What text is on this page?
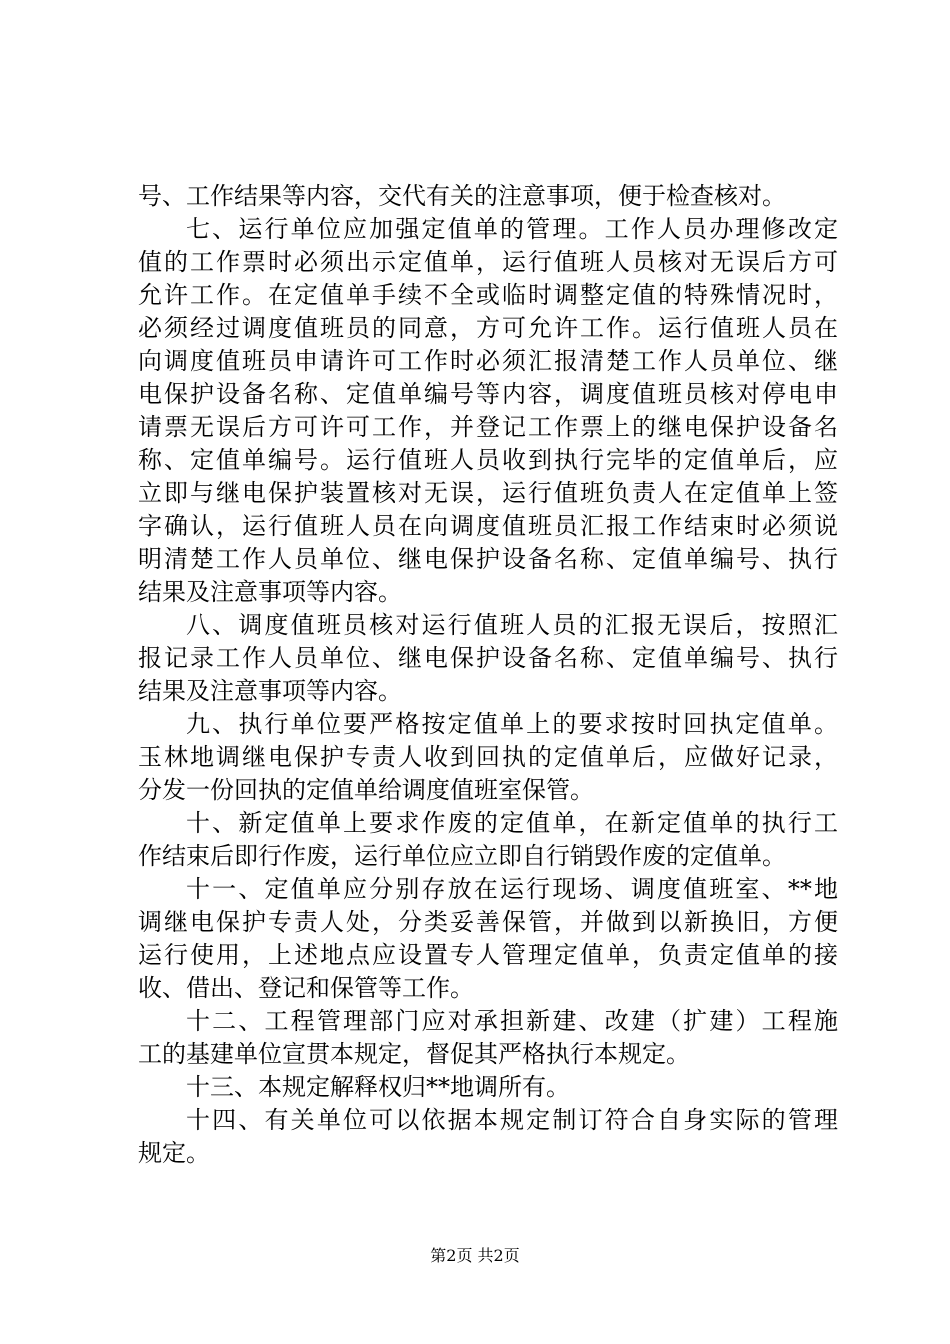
号、工作结果等内容，交代有关的注意事项，便于检查核对。
七、运行单位应加强定值单的管理。工作人员办理修改定
值的工作票时必须出示定值单，运行值班人员核对无误后方可
允许工作。在定值单手续不全或临时调整定值的特殊情况时，
必须经过调度值班员的同意，方可允许工作。运行值班人员在
向调度值班员申请许可工作时必须汇报清楚工作人员单位、继
电保护设备名称、定值单编号等内容，调度值班员核对停电申
请票无误后方可许可工作，并登记工作票上的继电保护设备名
称、定值单编号。运行值班人员收到执行完毕的定值单后，应
立即与继电保护装置核对无误，运行值班负责人在定值单上签
字确认，运行值班人员在向调度值班员汇报工作结束时必须说
明清楚工作人员单位、继电保护设备名称、定值单编号、执行
结果及注意事项等内容。
八、调度值班员核对运行值班人员的汇报无误后，按照汇
报记录工作人员单位、继电保护设备名称、定值单编号、执行
结果及注意事项等内容。
九、执行单位要严格按定值单上的要求按时回执定值单。
玉林地调继电保护专责人收到回执的定值单后，应做好记录，
分发一份回执的定值单给调度值班室保管。
十、新定值单上要求作废的定值单，在新定值单的执行工
作结束后即行作废，运行单位应立即自行销毁作废的定值单。
十一、定值单应分别存放在运行现场、调度值班室、**地
调继电保护专责人处，分类妥善保管，并做到以新换旧，方便
运行使用，上述地点应设置专人管理定值单，负责定值单的接
收、借出、登记和保管等工作。
十二、工程管理部门应对承担新建、改建（扩建）工程施
工的基建单位宣贯本规定，督促其严格执行本规定。
十三、本规定解释权归**地调所有。
十四、有关单位可以依据本规定制订符合自身实际的管理
规定。
第2页 共2页
